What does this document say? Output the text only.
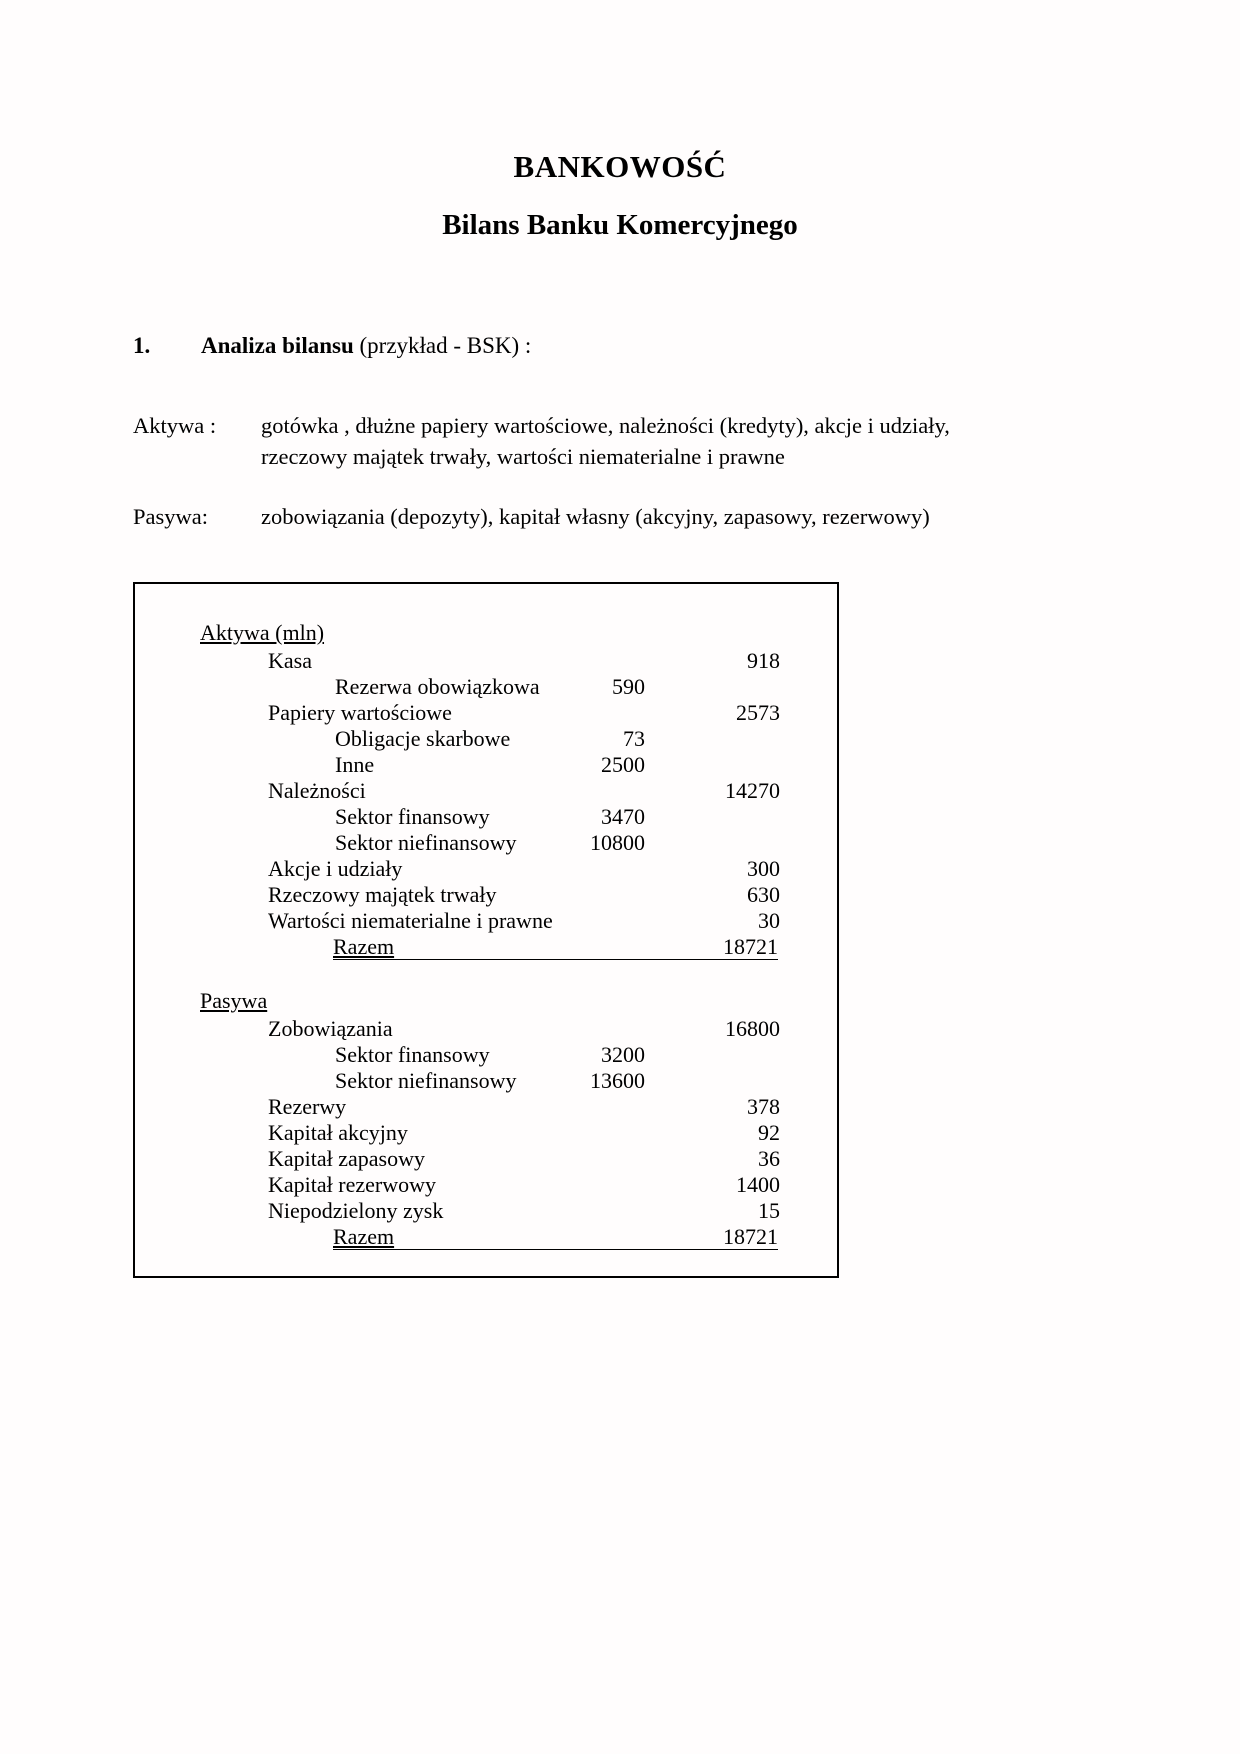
BANKOWOŚĆ
Bilans Banku Komercyjnego
1. Analiza bilansu (przykład - BSK) :
Aktywa : gotówka , dłużne papiery wartościowe, należności (kredyty), akcje i udziały,
rzeczowy majątek trwały, wartości niematerialne i prawne
Pasywa: zobowiązania (depozyty), kapitał własny (akcyjny, zapasowy, rezerwowy)
Aktywa (mln)
Kasa	918
Rezerwa obowiązkowa	590
Papiery wartościowe	2573
Obligacje skarbowe	73
Inne	2500
Należności	14270
Sektor finansowy	3470
Sektor niefinansowy	10800
Akcje i udziały	300
Rzeczowy majątek trwały	630
Wartości niematerialne i prawne	30
Razem	18721
Pasywa
Zobowiązania	16800
Sektor finansowy	3200
Sektor niefinansowy	13600
Rezerwy	378
Kapitał akcyjny	92
Kapitał zapasowy	36
Kapitał rezerwowy	1400
Niepodzielony zysk	15
Razem	18721
